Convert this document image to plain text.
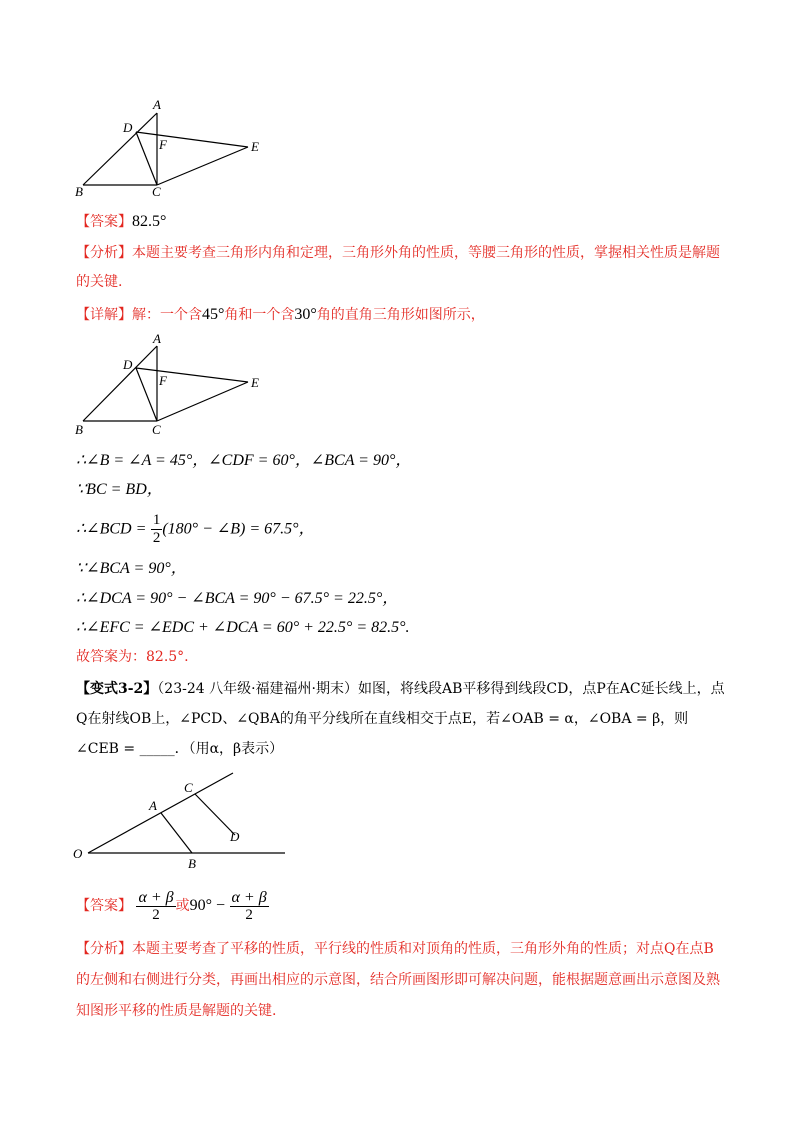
A
D
F	E
B	C
【答案】82.5°
【分析】本题主要考查三角形内角和定理，三角形外角的性质，等腰三角形的性质，掌握相关性质是解题
的关键.
【详解】解：一个含45°角和一个含30°角的直角三角形如图所示，
A
D
F	E
B	C
∴∠B = ∠A = 45°，∠CDF = 60°，∠BCA = 90°，
∵BC = BD，
∴∠BCD = $\frac{1}{2} (180^\circ$ − ∠B) = 67.5°，
∵∠BCA = 90°，
∴∠DCA = 90° − ∠BCA = 90° − 67.5° = 22.5°，
∴∠EFC = ∠EDC + ∠DCA = 60° + 22.5° = 82.5°.
故答案为：82.5°.
【变式3-2】（23-24 八年级·福建福州·期末）如图，将线段AB平移得到线段CD，点P在AC延长线上，点
Q在射线OB上，∠PCD、∠QBA的角平分线所在直线相交于点E，若∠OAB = α，∠OBA = β，则
∠CEB = _____．（用α，β表示）
O
A
C
D
B
【答案】 $\frac{\alpha + \beta}{2}$ 或$90^\circ - \frac{\alpha + \beta}{2}$
【分析】本题主要考查了平移的性质，平行线的性质和对顶角的性质，三角形外角的性质；对点Q在点B
的左侧和右侧进行分类，再画出相应的示意图，结合所画图形即可解决问题，能根据题意画出示意图及熟
知图形平移的性质是解题的关键.
